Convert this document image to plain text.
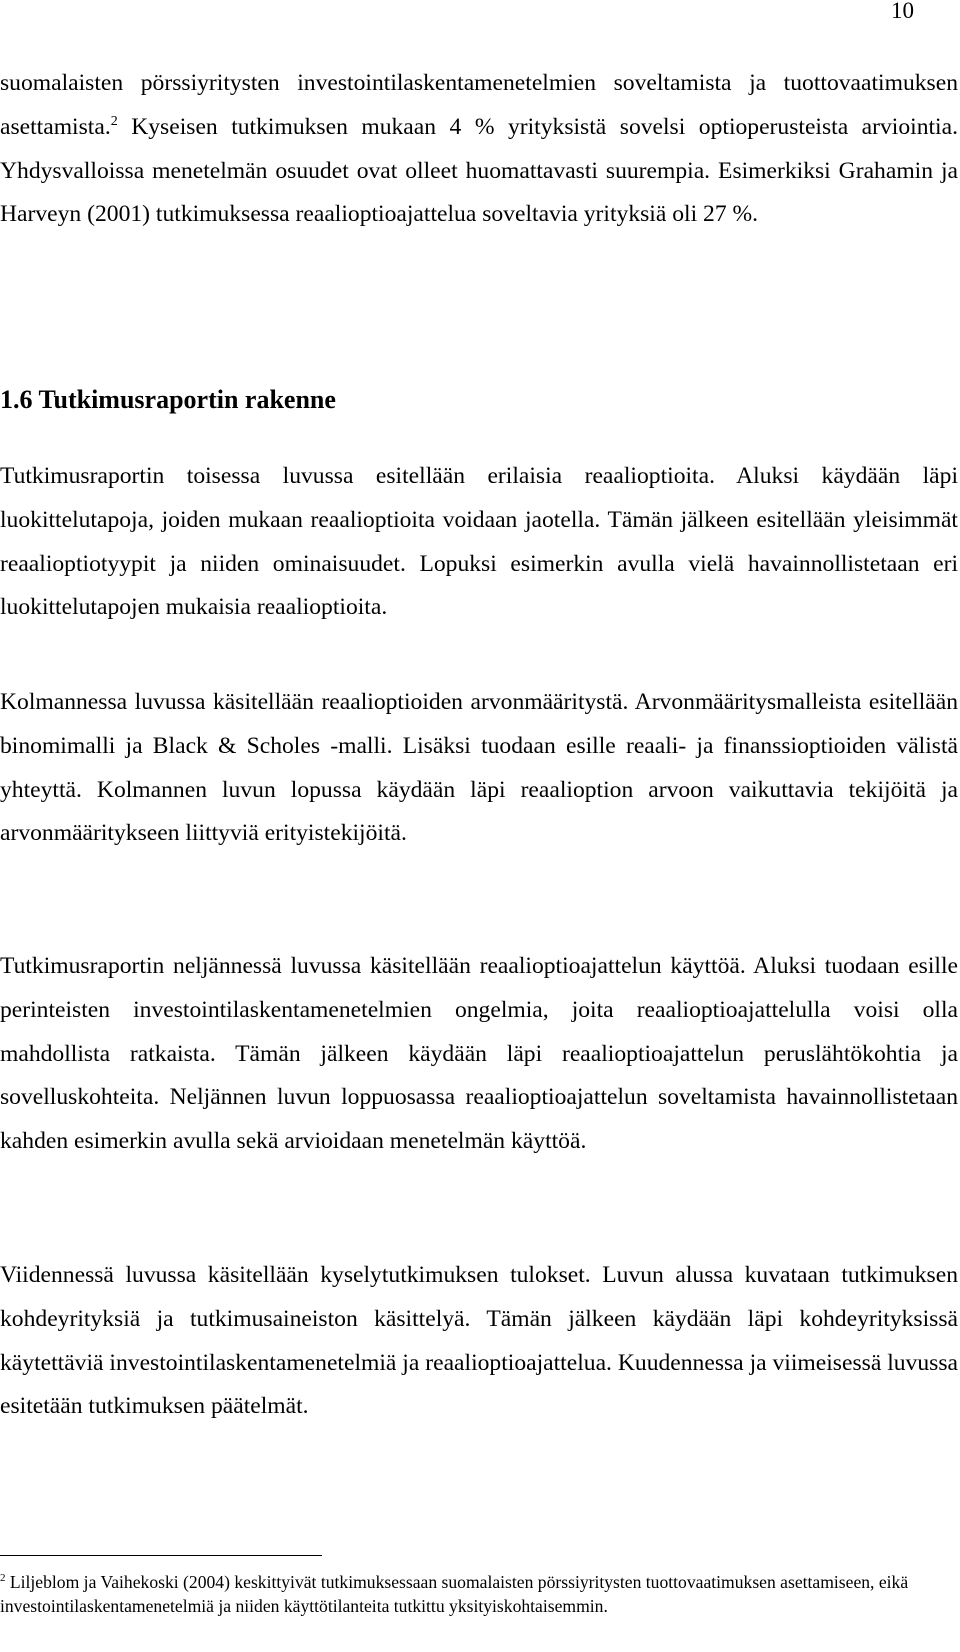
10

suomalaisten pörssiyritysten investointilaskentamenetelmien soveltamista ja tuottovaatimuksen asettamista.$^2$ Kyseisen tutkimuksen mukaan 4 % yrityksistä sovelsi optioperusteista arviointia. Yhdysvalloissa menetelmän osuudet ovat olleet huomattavasti suurempia. Esimerkiksi Grahamin ja Harveyn (2001) tutkimuksessa reaalioptioajattelua soveltavia yrityksiä oli 27 %.

1.6 Tutkimusraportin rakenne

Tutkimusraportin toisessa luvussa esitellään erilaisia reaalioptioita. Aluksi käydään läpi luokittelutapoja, joiden mukaan reaalioptioita voidaan jaotella. Tämän jälkeen esitellään yleisimmät reaalioptiotyypit ja niiden ominaisuudet. Lopuksi esimerkin avulla vielä havainnollistetaan eri luokittelutapojen mukaisia reaalioptioita.

Kolmannessa luvussa käsitellään reaalioptioiden arvonmääritystä. Arvonmääritysmalleista esitellään binomimalli ja Black & Scholes -malli. Lisäksi tuodaan esille reaali- ja finanssioptioiden välistä yhteyttä. Kolmannen luvun lopussa käydään läpi reaalioption arvoon vaikuttavia tekijöitä ja arvonmääritykseen liittyviä erityistekijöitä.

Tutkimusraportin neljännessä luvussa käsitellään reaalioptioajattelun käyttöä. Aluksi tuodaan esille perinteisten investointilaskentamenetelmien ongelmia, joita reaalioptioajattelulla voisi olla mahdollista ratkaista. Tämän jälkeen käydään läpi reaalioptioajattelun peruslähtökohtia ja sovelluskohteita. Neljännen luvun loppuosassa reaalioptioajattelun soveltamista havainnollistetaan kahden esimerkin avulla sekä arvioidaan menetelmän käyttöä.

Viidennessä luvussa käsitellään kyselytutkimuksen tulokset. Luvun alussa kuvataan tutkimuksen kohdeyrityksiä ja tutkimusaineiston käsittelyä. Tämän jälkeen käydään läpi kohdeyrityksissä käytettäviä investointilaskentamenetelmiä ja reaalioptioajattelua. Kuudennessa ja viimeisessä luvussa esitetään tutkimuksen päätelmät.

$^2$ Liljeblom ja Vaihekoski (2004) keskittyivät tutkimuksessaan suomalaisten pörssiyritysten tuottovaatimuksen asettamiseen, eikä investointilaskentamenetelmiä ja niiden käyttötilanteita tutkittu yksityiskohtaisemmin.
